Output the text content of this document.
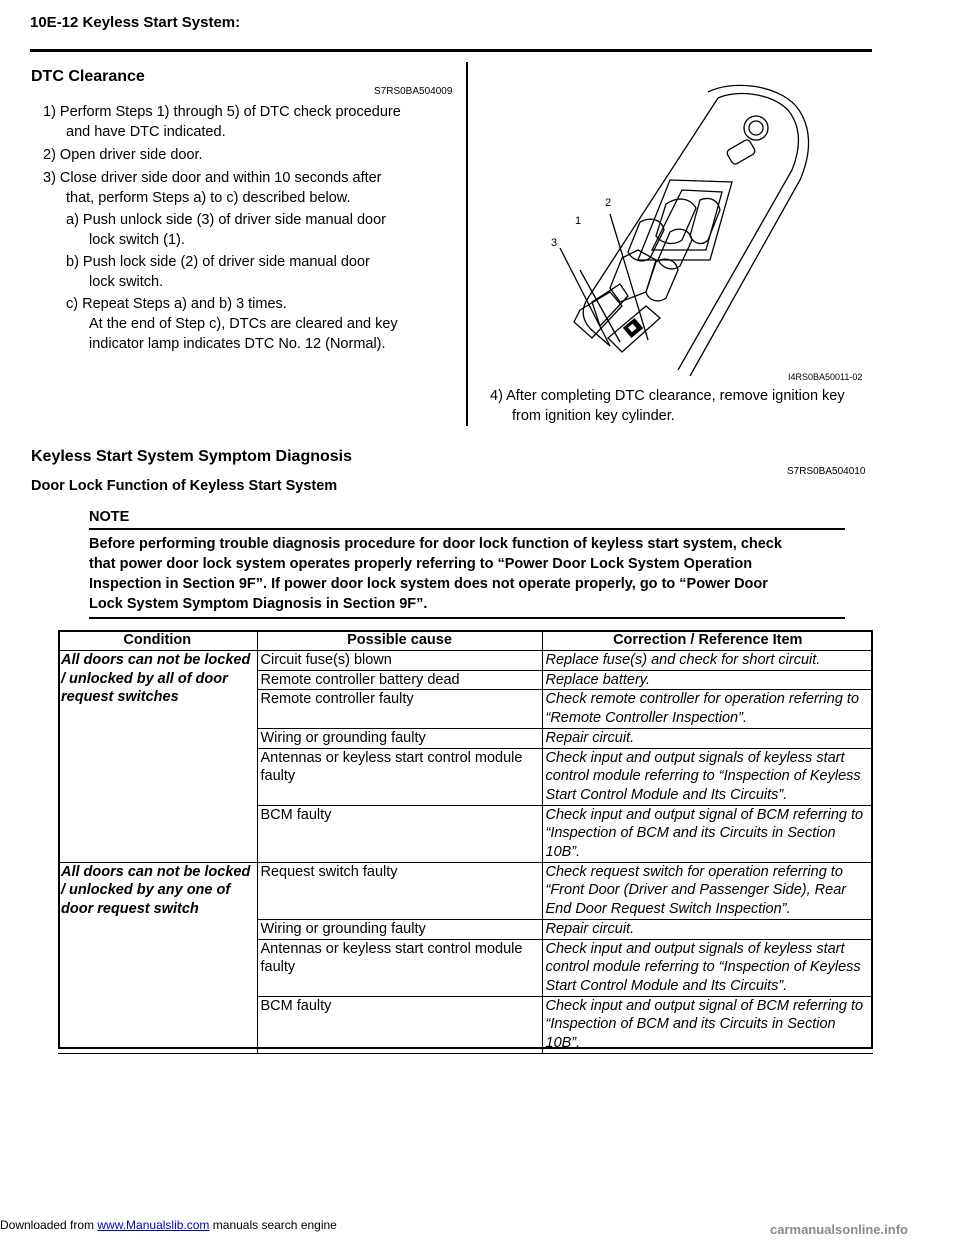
10E-12 Keyless Start System:
DTC Clearance
S7RS0BA504009

1) Perform Steps 1) through 5) of DTC check procedure

and have DTC indicated.

2) Open driver side door.

3) Close driver side door and within 10 seconds after

that, perform Steps a) to c) described below.

a) Push unlock side (3) of driver side manual door

lock switch (1).

b) Push lock side (2) of driver side manual door

lock switch.

c) Repeat Steps a) and b) 3 times.

At the end of Step c), DTCs are cleared and key

indicator lamp indicates DTC No. 12 (Normal).

2
1
3
I4RS0BA50011-02

4) After completing DTC clearance, remove ignition key

from ignition key cylinder.

Keyless Start System Symptom Diagnosis
S7RS0BA504010
Door Lock Function of Keyless Start System
NOTE
Before performing trouble diagnosis procedure for door lock function of keyless start system, check
that power door lock system operates properly referring to “Power Door Lock System Operation
Inspection in Section 9F”. If power door lock system does not operate properly, go to “Power Door
Lock System Symptom Diagnosis in Section 9F”.
Condition	Possible cause	Correction / Reference Item
All doors can not be locked / unlocked by all of door request switches	Circuit fuse(s) blown	Replace fuse(s) and check for short circuit.
	Remote controller battery dead	Replace battery.
	Remote controller faulty	Check remote controller for operation referring to “Remote Controller Inspection”.
	Wiring or grounding faulty	Repair circuit.
	Antennas or keyless start control module faulty	Check input and output signals of keyless start control module referring to “Inspection of Keyless Start Control Module and Its Circuits”.
	BCM faulty	Check input and output signal of BCM referring to “Inspection of BCM and its Circuits in Section 10B”.
All doors can not be locked / unlocked by any one of door request switch	Request switch faulty	Check request switch for operation referring to “Front Door (Driver and Passenger Side), Rear End Door Request Switch Inspection”.
	Wiring or grounding faulty	Repair circuit.
	Antennas or keyless start control module faulty	Check input and output signals of keyless start control module referring to “Inspection of Keyless Start Control Module and Its Circuits”.
	BCM faulty	Check input and output signal of BCM referring to “Inspection of BCM and its Circuits in Section 10B”.
Downloaded from www.Manualslib.com manuals search engine	carmanualsonline.info
